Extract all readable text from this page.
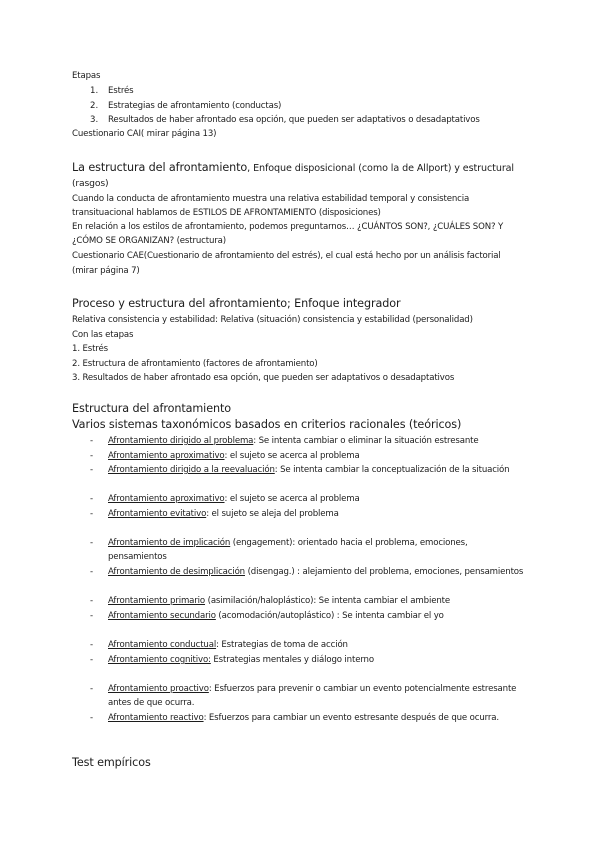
Etapas
1. Estrés
2. Estrategias de afrontamiento (conductas)
3. Resultados de haber afrontado esa opción, que pueden ser adaptativos o desadaptativos
Cuestionario CAI( mirar página 13)
La estructura del afrontamiento, Enfoque disposicional (como la de Allport) y estructural
(rasgos)
Cuando la conducta de afrontamiento muestra una relativa estabilidad temporal y consistencia
transituacional hablamos de ESTILOS DE AFRONTAMIENTO (disposiciones)
En relación a los estilos de afrontamiento, podemos preguntarnos… ¿CUÁNTOS SON?, ¿CUÁLES SON? Y
¿CÓMO SE ORGANIZAN? (estructura)
Cuestionario CAE(Cuestionario de afrontamiento del estrés), el cual está hecho por un análisis factorial
(mirar página 7)
Proceso y estructura del afrontamiento; Enfoque integrador
Relativa consistencia y estabilidad: Relativa (situación) consistencia y estabilidad (personalidad)
Con las etapas
1. Estrés
2. Estructura de afrontamiento (factores de afrontamiento)
3. Resultados de haber afrontado esa opción, que pueden ser adaptativos o desadaptativos
Estructura del afrontamiento
Varios sistemas taxonómicos basados en criterios racionales (teóricos)
- Afrontamiento dirigido al problema: Se intenta cambiar o eliminar la situación estresante
- Afrontamiento aproximativo: el sujeto se acerca al problema
- Afrontamiento dirigido a la reevaluación: Se intenta cambiar la conceptualización de la situación
- Afrontamiento aproximativo: el sujeto se acerca al problema
- Afrontamiento evitativo: el sujeto se aleja del problema
- Afrontamiento de implicación (engagement): orientado hacia el problema, emociones,
pensamientos
- Afrontamiento de desimplicación (disengag.) : alejamiento del problema, emociones, pensamientos
- Afrontamiento primario (asimilación/haloplástico): Se intenta cambiar el ambiente
- Afrontamiento secundario (acomodación/autoplástico) : Se intenta cambiar el yo
- Afrontamiento conductual: Estrategias de toma de acción
- Afrontamiento cognitivo: Estrategias mentales y diálogo interno
- Afrontamiento proactivo: Esfuerzos para prevenir o cambiar un evento potencialmente estresante
antes de que ocurra.
- Afrontamiento reactivo: Esfuerzos para cambiar un evento estresante después de que ocurra.
Test empíricos
